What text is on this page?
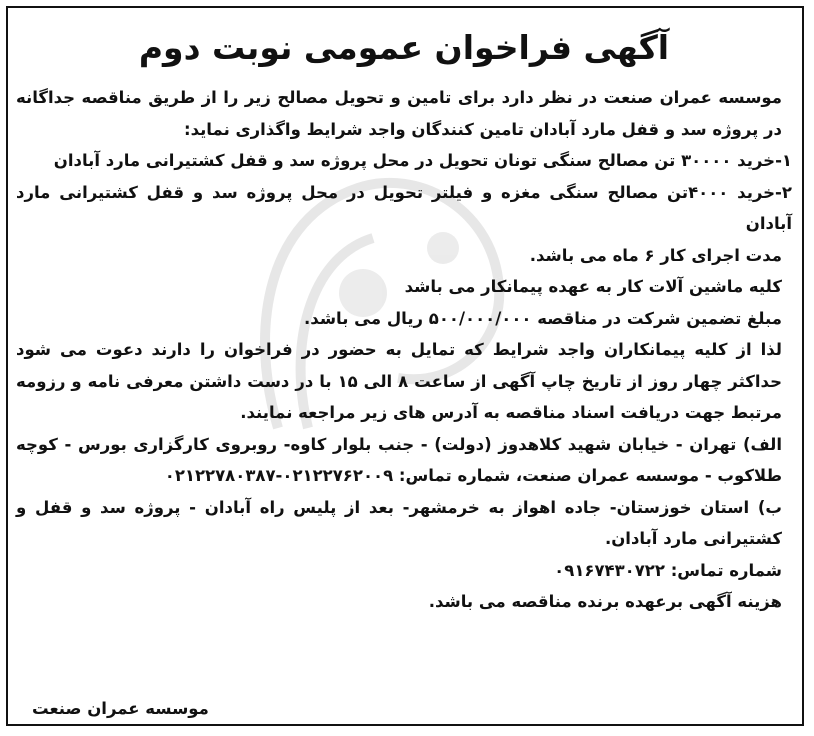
آگهی فراخوان عمومی نوبت دوم

موسسه عمران صنعت در نظر دارد برای تامین و تحویل مصالح زیر را از طریق مناقصه جداگانه در پروژه سد و قفل مارد آبادان تامین کنندگان واجد شرایط واگذاری نماید:

۱-خرید ۳۰۰۰۰ تن مصالح سنگی تونان تحویل در محل پروژه سد و قفل کشتیرانی مارد آبادان

۲-خرید ۴۰۰۰تن مصالح سنگی مغزه و فیلتر تحویل در محل پروژه سد و قفل کشتیرانی مارد آبادان

مدت اجرای کار ۶ ماه می باشد.

کلیه ماشین آلات کار به عهده پیمانکار می باشد

مبلغ تضمین شرکت در مناقصه ۵۰۰/۰۰۰/۰۰۰ ریال می باشد.

لذا از کلیه پیمانکاران واجد شرایط که تمایل به حضور در فراخوان را دارند دعوت می شود حداکثر چهار روز از تاریخ چاپ آگهی از ساعت ۸ الی ۱۵ با در دست داشتن معرفی نامه و رزومه مرتبط جهت دریافت اسناد مناقصه به آدرس های زیر مراجعه نمایند.

الف) تهران - خیابان شهید کلاهدوز (دولت) - جنب بلوار کاوه- روبروی کارگزاری بورس - کوچه طلاکوب - موسسه عمران صنعت، شماره تماس: ۰۲۱۲۲۷۸۰۳۸۷-۰۲۱۲۲۷۶۲۰۰۹

ب) استان خوزستان- جاده اهواز به خرمشهر- بعد از پلیس راه آبادان - پروژه سد و قفل و کشتیرانی مارد آبادان.

شماره تماس: ۰۹۱۶۷۴۳۰۷۲۲

هزینه آگهی برعهده برنده مناقصه می باشد.

موسسه عمران صنعت
